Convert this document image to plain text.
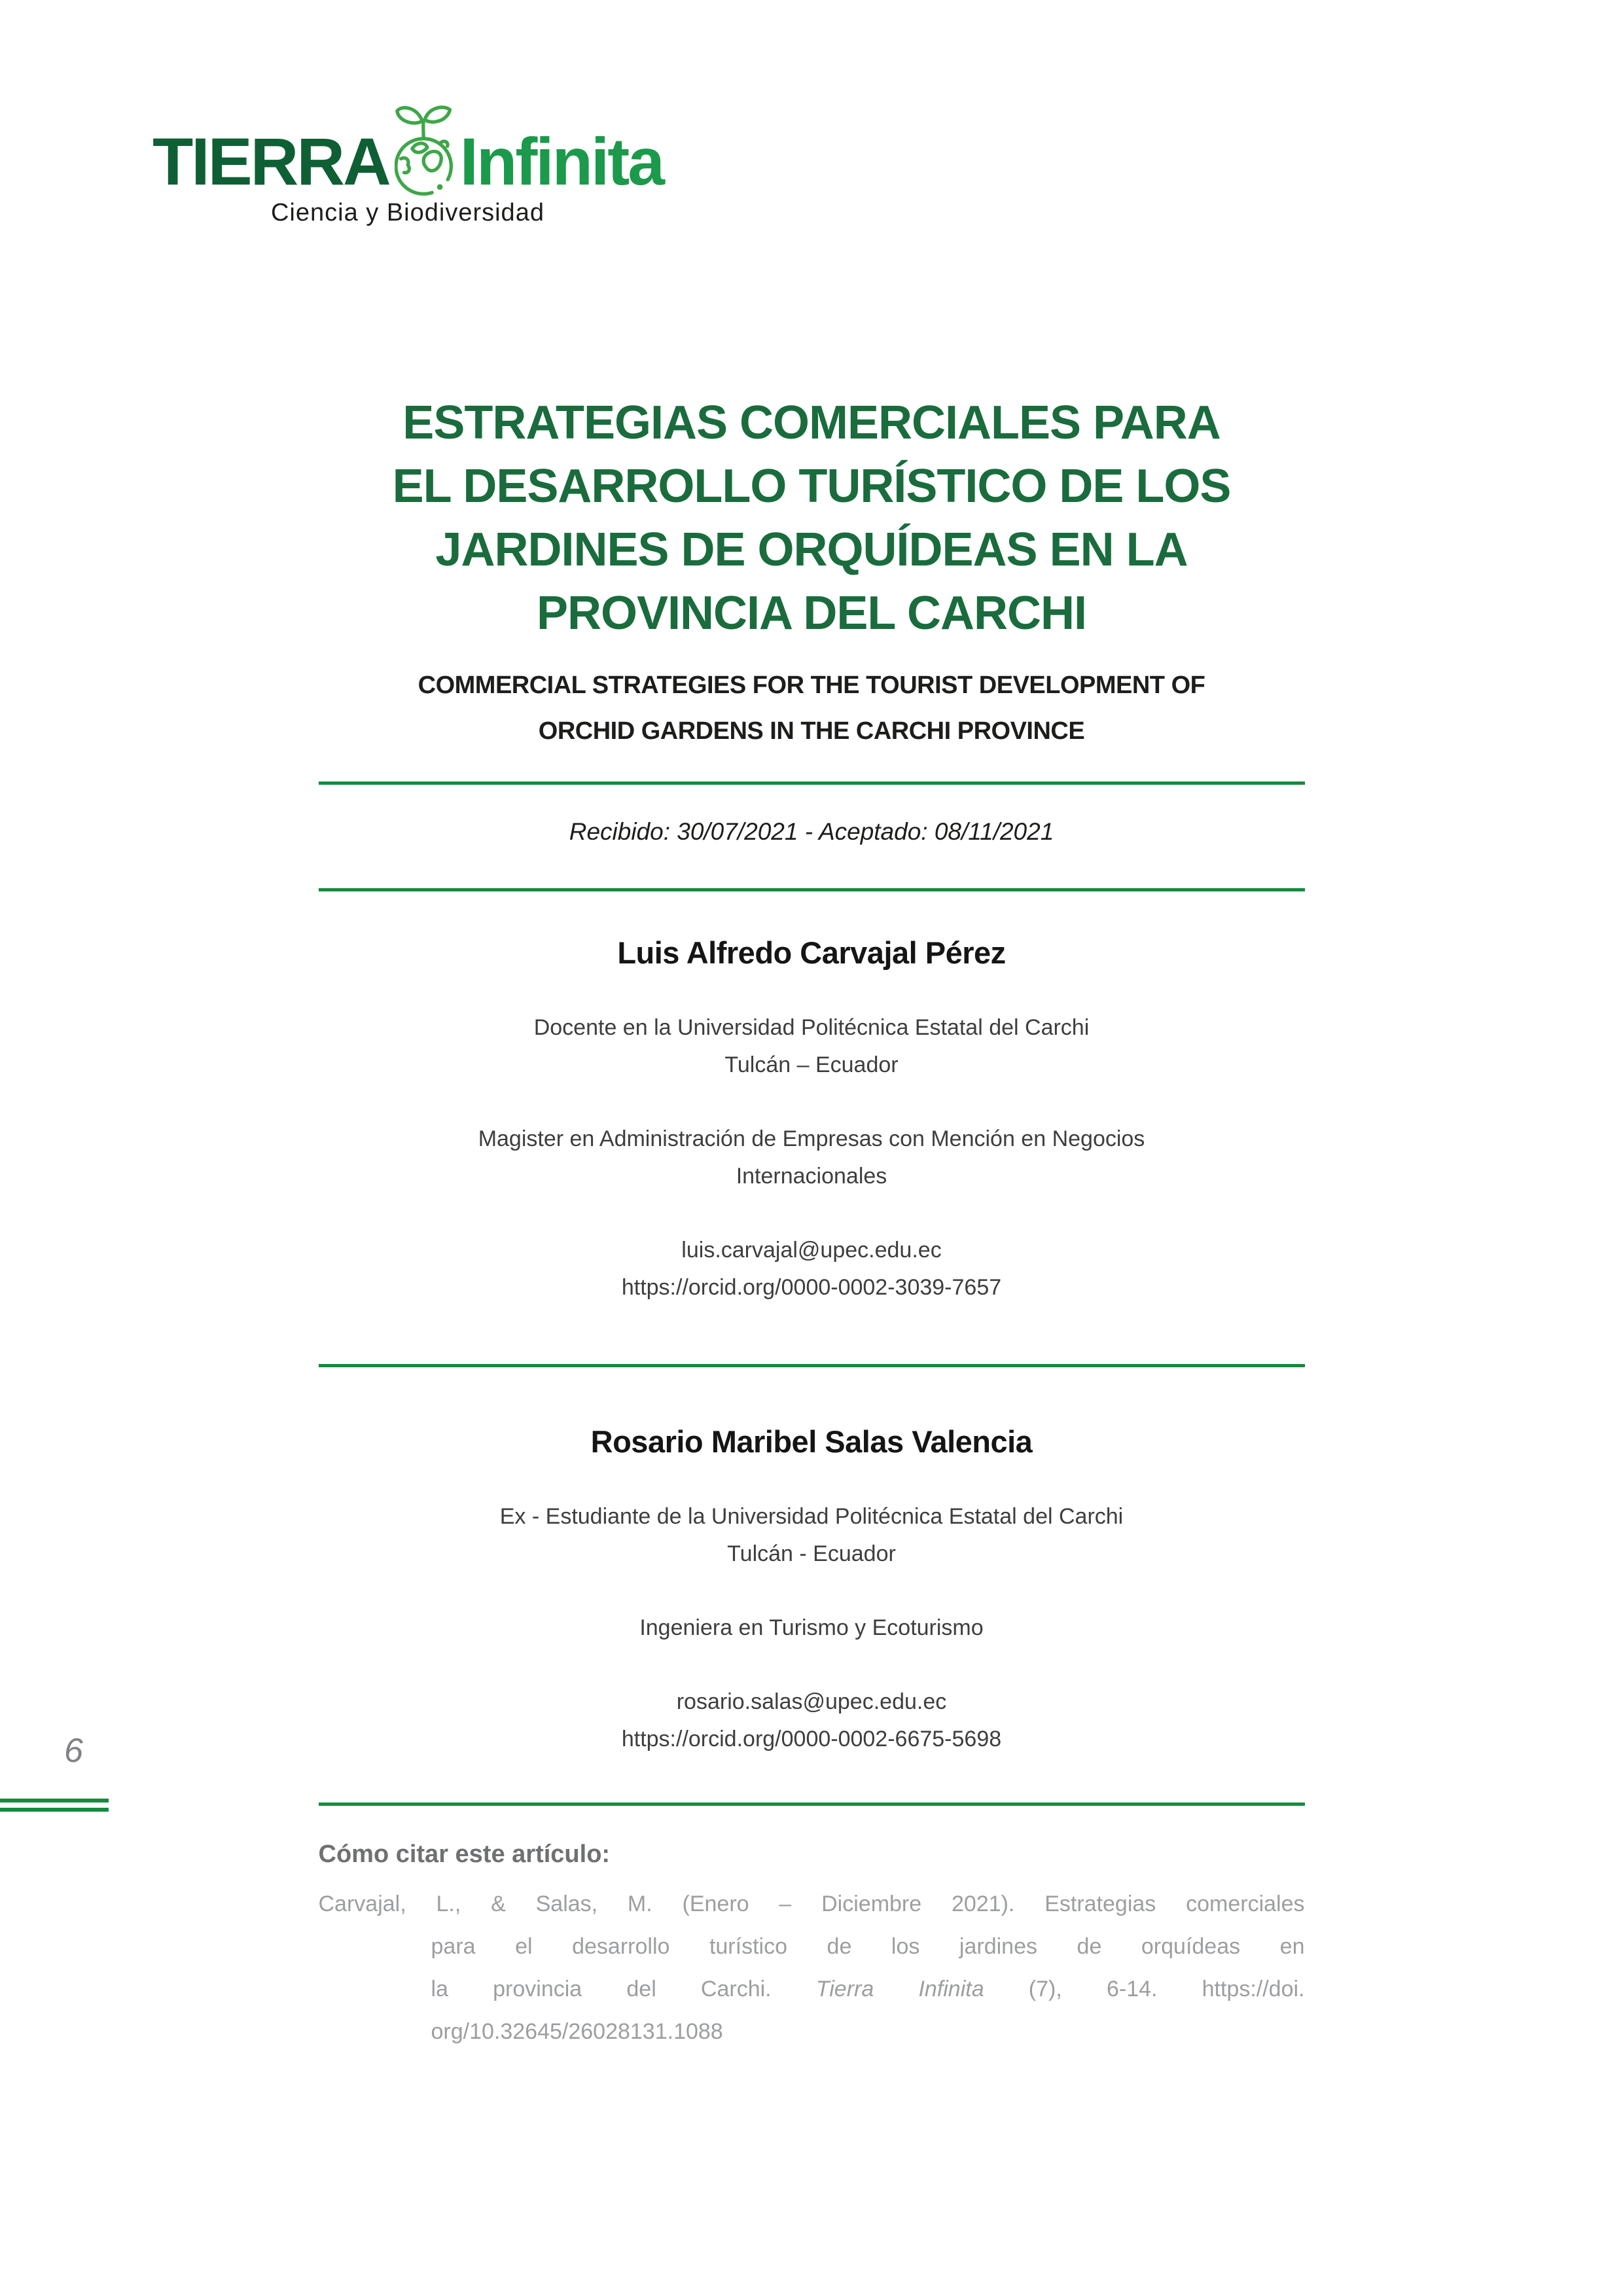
TIERRA Infinita
Ciencia y Biodiversidad
6
ESTRATEGIAS COMERCIALES PARA
EL DESARROLLO TURÍSTICO DE LOS
JARDINES DE ORQUÍDEAS EN LA
PROVINCIA DEL CARCHI
COMMERCIAL STRATEGIES FOR THE TOURIST DEVELOPMENT OF
ORCHID GARDENS IN THE CARCHI PROVINCE
Recibido: 30/07/2021 - Aceptado: 08/11/2021
Luis Alfredo Carvajal Pérez
Docente en la Universidad Politécnica Estatal del Carchi
Tulcán – Ecuador
Magister en Administración de Empresas con Mención en Negocios
Internacionales
luis.carvajal@upec.edu.ec
https://orcid.org/0000-0002-3039-7657
Rosario Maribel Salas Valencia
Ex - Estudiante de la Universidad Politécnica Estatal del Carchi
Tulcán - Ecuador
Ingeniera en Turismo y Ecoturismo
rosario.salas@upec.edu.ec
https://orcid.org/0000-0002-6675-5698
Cómo citar este artículo:
Carvajal, L., & Salas, M. (Enero – Diciembre 2021). Estrategias comerciales
para el desarrollo turístico de los jardines de orquídeas en
la provincia del Carchi. Tierra Infinita (7), 6-14. https://doi.
org/10.32645/26028131.1088
